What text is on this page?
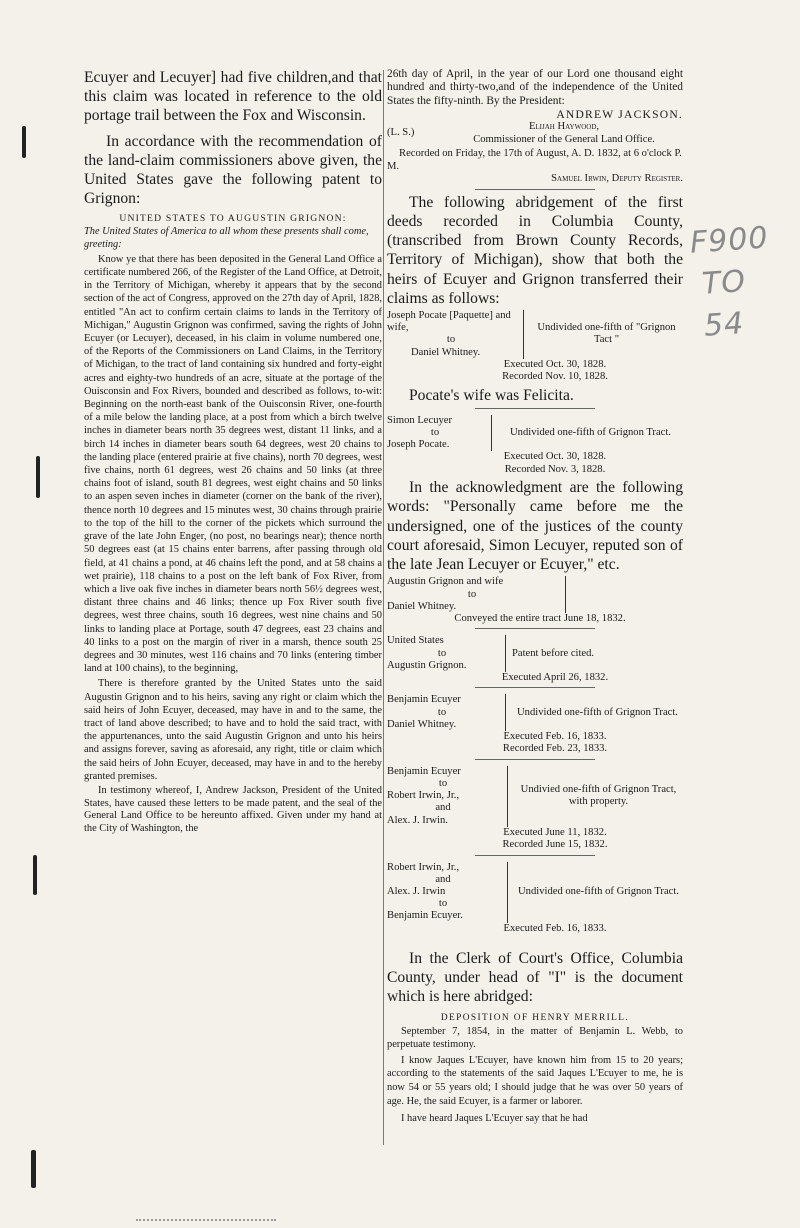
F900
TO
54

Ecuyer and Lecuyer] had five children,and that this claim was located in reference to the old portage trail between the Fox and Wisconsin.

In accordance with the recommendation of the land-claim commissioners above given, the United States gave the following patent to Grignon:

UNITED STATES TO AUGUSTIN GRIGNON:

The United States of America to all whom these presents shall come, greeting:

Know ye that there has been deposited in the General Land Office a certificate numbered 266, of the Register of the Land Office, at Detroit, in the Territory of Michigan, whereby it appears that by the second section of the act of Congress, approved on the 27th day of April, 1828, entitled "An act to confirm certain claims to lands in the Territory of Michigan," Augustin Grignon was confirmed, saving the rights of John Ecuyer (or Lecuyer), deceased, in his claim in volume numbered one, of the Reports of the Commissioners on Land Claims, in the Territory of Michigan, to the tract of land containing six hundred and forty-eight acres and eighty-two hundreds of an acre, situate at the portage of the Ouisconsin and Fox Rivers, bounded and described as follows, to-wit: Beginning on the north-east bank of the Ouisconsin River, one-fourth of a mile below the landing place, at a post from which a birch twelve inches in diameter bears north 35 degrees west, distant 11 links, and a birch 14 inches in diameter bears south 64 degrees, west 20 chains to the landing place (entered prairie at five chains), north 70 degrees, west five chains, north 61 degrees, west 26 chains and 50 links (at three chains foot of island, south 81 degrees, west eight chains and 50 links to an aspen seven inches in diameter (corner on the bank of the river), thence north 10 degrees and 15 minutes west, 30 chains through prairie to the top of the hill to the corner of the pickets which surround the grave of the late John Enger, (no post, no bearings near); thence north 50 degrees east (at 15 chains enter barrens, after passing through old field, at 41 chains a pond, at 46 chains left the pond, and at 58 chains a wet prairie), 118 chains to a post on the left bank of Fox River, from which a live oak five inches in diameter bears north 56½ degrees west, distant three chains and 46 links; thence up Fox River south five degrees, west three chains, south 16 degrees, west nine chains and 50 links to landing place at Portage, south 47 degrees, east 23 chains and 40 links to a post on the margin of river in a marsh, thence south 25 degrees and 30 minutes, west 116 chains and 70 links (entering timber land at 100 chains), to the beginning,

There is therefore granted by the United States unto the said Augustin Grignon and to his heirs, saving any right or claim which the said heirs of John Ecuyer, deceased, may have in and to the same, the tract of land above described; to have and to hold the said tract, with the appurtenances, unto the said Augustin Grignon and unto his heirs and assigns forever, saving as aforesaid, any right, title or claim which the said heirs of John Ecuyer, deceased, may have in and to the hereby granted premises.

In testimony whereof, I, Andrew Jackson, President of the United States, have caused these letters to be made patent, and the seal of the General Land Office to be hereunto affixed. Given under my hand at the City of Washington, the

26th day of April, in the year of our Lord one thousand eight hundred and thirty-two,and of the independence of the United States the fifty-ninth. By the President:

ANDREW JACKSON.
(L. S.)
Elijah Haywood,
Commissioner of the General Land Office.

Recorded on Friday, the 17th of August, A. D. 1832, at 6 o'clock P. M.

Samuel Irwin, Deputy Register.

The following abridgement of the first deeds recorded in Columbia County, (transcribed from Brown County Records, Territory of Michigan), show that both the heirs of Ecuyer and Grignon transferred their claims as follows:

Joseph Pocate [Paquette] and wife,
to
Daniel Whitney.
Undivided one-fifth of "Grignon Tact "
Executed Oct. 30, 1828.
Recorded Nov. 10, 1828.

Pocate's wife was Felicita.

Simon Lecuyer
to
Joseph Pocate.
Undivided one-fifth of Grignon Tract.
Executed Oct. 30, 1828.
Recorded Nov. 3, 1828.

In the acknowledgment are the following words: "Personally came before me the undersigned, one of the justices of the county court aforesaid, Simon Lecuyer, reputed son of the late Jean Lecuyer or Ecuyer," etc.

Augustin Grignon and wife
to
Daniel Whitney.
Conveyed the entire tract June 18, 1832.
United States
to
Augustin Grignon.
Patent before cited.
Executed April 26, 1832.
Benjamin Ecuyer
to
Daniel Whitney.
Undivided one-fifth of Grignon Tract.
Executed Feb. 16, 1833.
Recorded Feb. 23, 1833.
Benjamin Ecuyer
to
Robert Irwin, Jr.,
and
Alex. J. Irwin.
Undivied one-fifth of Grignon Tract, with property.
Executed June 11, 1832.
Recorded June 15, 1832.
Robert Irwin, Jr.,
and
Alex. J. Irwin
to
Benjamin Ecuyer.
Undivided one-fifth of Grignon Tract.
Executed Feb. 16, 1833.

In the Clerk of Court's Office, Columbia County, under head of "I" is the document which is here abridged:

DEPOSITION OF HENRY MERRILL.

September 7, 1854, in the matter of Benjamin L. Webb, to perpetuate testimony.

I know Jaques L'Ecuyer, have known him from 15 to 20 years; according to the statements of the said Jaques L'Ecuyer to me, he is now 54 or 55 years old; I should judge that he was over 50 years of age. He, the said Ecuyer, is a farmer or laborer.

I have heard Jaques L'Ecuyer say that he had
